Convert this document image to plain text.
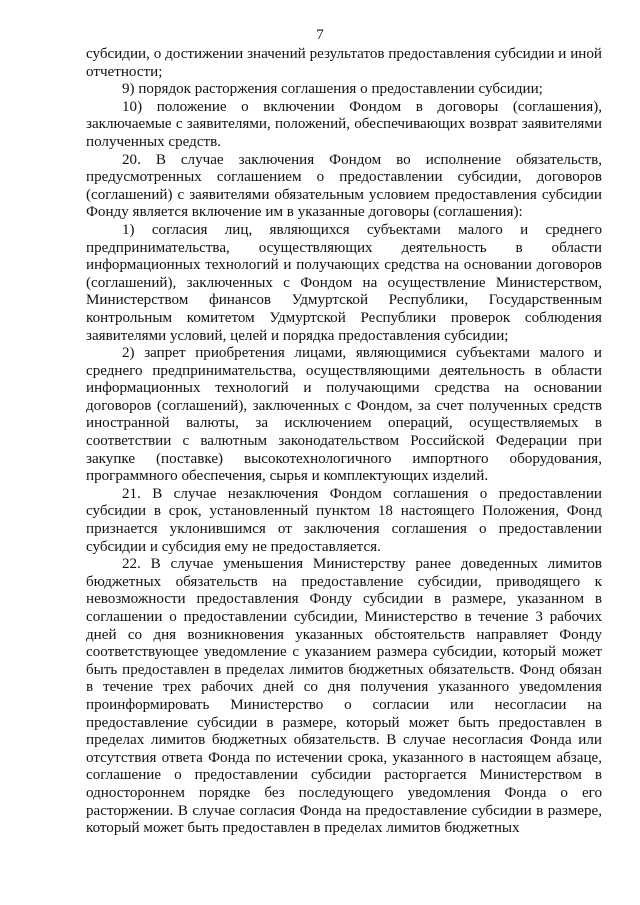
7

субсидии, о достижении значений результатов предоставления субсидии и иной отчетности;

9) порядок расторжения соглашения о предоставлении субсидии;

10) положение о включении Фондом в договоры (соглашения), заключаемые с заявителями, положений, обеспечивающих возврат заявителями полученных средств.

20. В случае заключения Фондом во исполнение обязательств, предусмотренных соглашением о предоставлении субсидии, договоров (соглашений) с заявителями обязательным условием предоставления субсидии Фонду является включение им в указанные договоры (соглашения):

1) согласия лиц, являющихся субъектами малого и среднего предпринимательства, осуществляющих деятельность в области информационных технологий и получающих средства на основании договоров (соглашений), заключенных с Фондом на осуществление Министерством, Министерством финансов Удмуртской Республики, Государственным контрольным комитетом Удмуртской Республики проверок соблюдения заявителями условий, целей и порядка предоставления субсидии;

2) запрет приобретения лицами, являющимися субъектами малого и среднего предпринимательства, осуществляющими деятельность в области информационных технологий и получающими средства на основании договоров (соглашений), заключенных с Фондом, за счет полученных средств иностранной валюты, за исключением операций, осуществляемых в соответствии с валютным законодательством Российской Федерации при закупке (поставке) высокотехнологичного импортного оборудования, программного обеспечения, сырья и комплектующих изделий.

21. В случае незаключения Фондом соглашения о предоставлении субсидии в срок, установленный пунктом 18 настоящего Положения, Фонд признается уклонившимся от заключения соглашения о предоставлении субсидии и субсидия ему не предоставляется.

22. В случае уменьшения Министерству ранее доведенных лимитов бюджетных обязательств на предоставление субсидии, приводящего к невозможности предоставления Фонду субсидии в размере, указанном в соглашении о предоставлении субсидии, Министерство в течение 3 рабочих дней со дня возникновения указанных обстоятельств направляет Фонду соответствующее уведомление с указанием размера субсидии, который может быть предоставлен в пределах лимитов бюджетных обязательств. Фонд обязан в течение трех рабочих дней со дня получения указанного уведомления проинформировать Министерство о согласии или несогласии на предоставление субсидии в размере, который может быть предоставлен в пределах лимитов бюджетных обязательств. В случае несогласия Фонда или отсутствия ответа Фонда по истечении срока, указанного в настоящем абзаце, соглашение о предоставлении субсидии расторгается Министерством в одностороннем порядке без последующего уведомления Фонда о его расторжении. В случае согласия Фонда на предоставление субсидии в размере, который может быть предоставлен в пределах лимитов бюджетных
